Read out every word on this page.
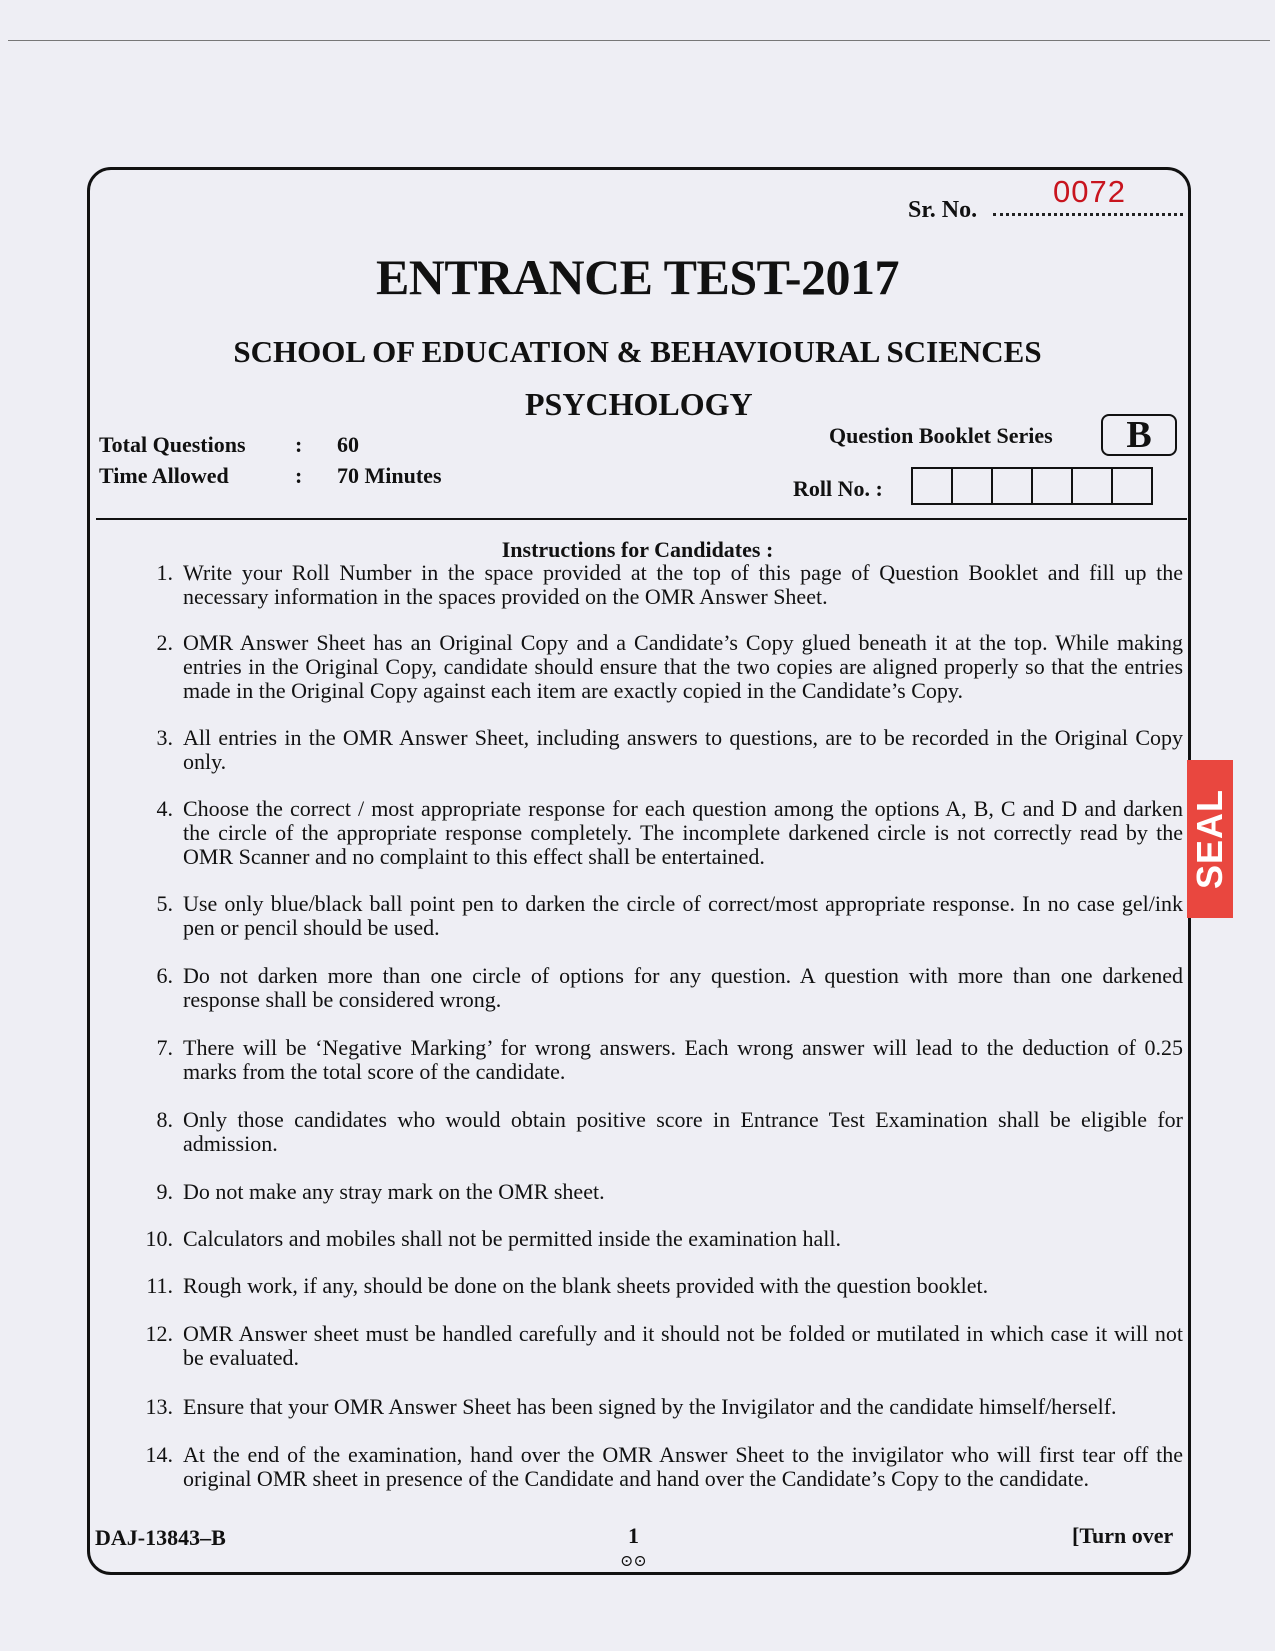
0072
Sr. No.
ENTRANCE TEST-2017
SCHOOL OF EDUCATION & BEHAVIOURAL SCIENCES
PSYCHOLOGY
Question Booklet Series	B
Total Questions : 60
Time Allowed	: 70 Minutes
Roll No. :
Instructions for Candidates :
1. Write your Roll Number in the space provided at the top of this page of Question Booklet and fill up the necessary information in the spaces provided on the OMR Answer Sheet.
2. OMR Answer Sheet has an Original Copy and a Candidate’s Copy glued beneath it at the top. While making entries in the Original Copy, candidate should ensure that the two copies are aligned properly so that the entries made in the Original Copy against each item are exactly copied in the Candidate’s Copy.
3. All entries in the OMR Answer Sheet, including answers to questions, are to be recorded in the Original Copy only.
4. Choose the correct / most appropriate response for each question among the options A, B, C and D and darken the circle of the appropriate response completely. The incomplete darkened circle is not correctly read by the OMR Scanner and no complaint to this effect shall be entertained.
5. Use only blue/black ball point pen to darken the circle of correct/most appropriate response. In no case gel/ink pen or pencil should be used.
6. Do not darken more than one circle of options for any question. A question with more than one darkened response shall be considered wrong.
7. There will be ‘Negative Marking’ for wrong answers. Each wrong answer will lead to the deduction of 0.25 marks from the total score of the candidate.
8. Only those candidates who would obtain positive score in Entrance Test Examination shall be eligible for admission.
9. Do not make any stray mark on the OMR sheet.
10. Calculators and mobiles shall not be permitted inside the examination hall.
11. Rough work, if any, should be done on the blank sheets provided with the question booklet.
12. OMR Answer sheet must be handled carefully and it should not be folded or mutilated in which case it will not be evaluated.
13. Ensure that your OMR Answer Sheet has been signed by the Invigilator and the candidate himself/herself.
14. At the end of the examination, hand over the OMR Answer Sheet to the invigilator who will first tear off the original OMR sheet in presence of the Candidate and hand over the Candidate’s Copy to the candidate.
DAJ-13843–B	1
⊙⊙
[Turn over
SEAL
